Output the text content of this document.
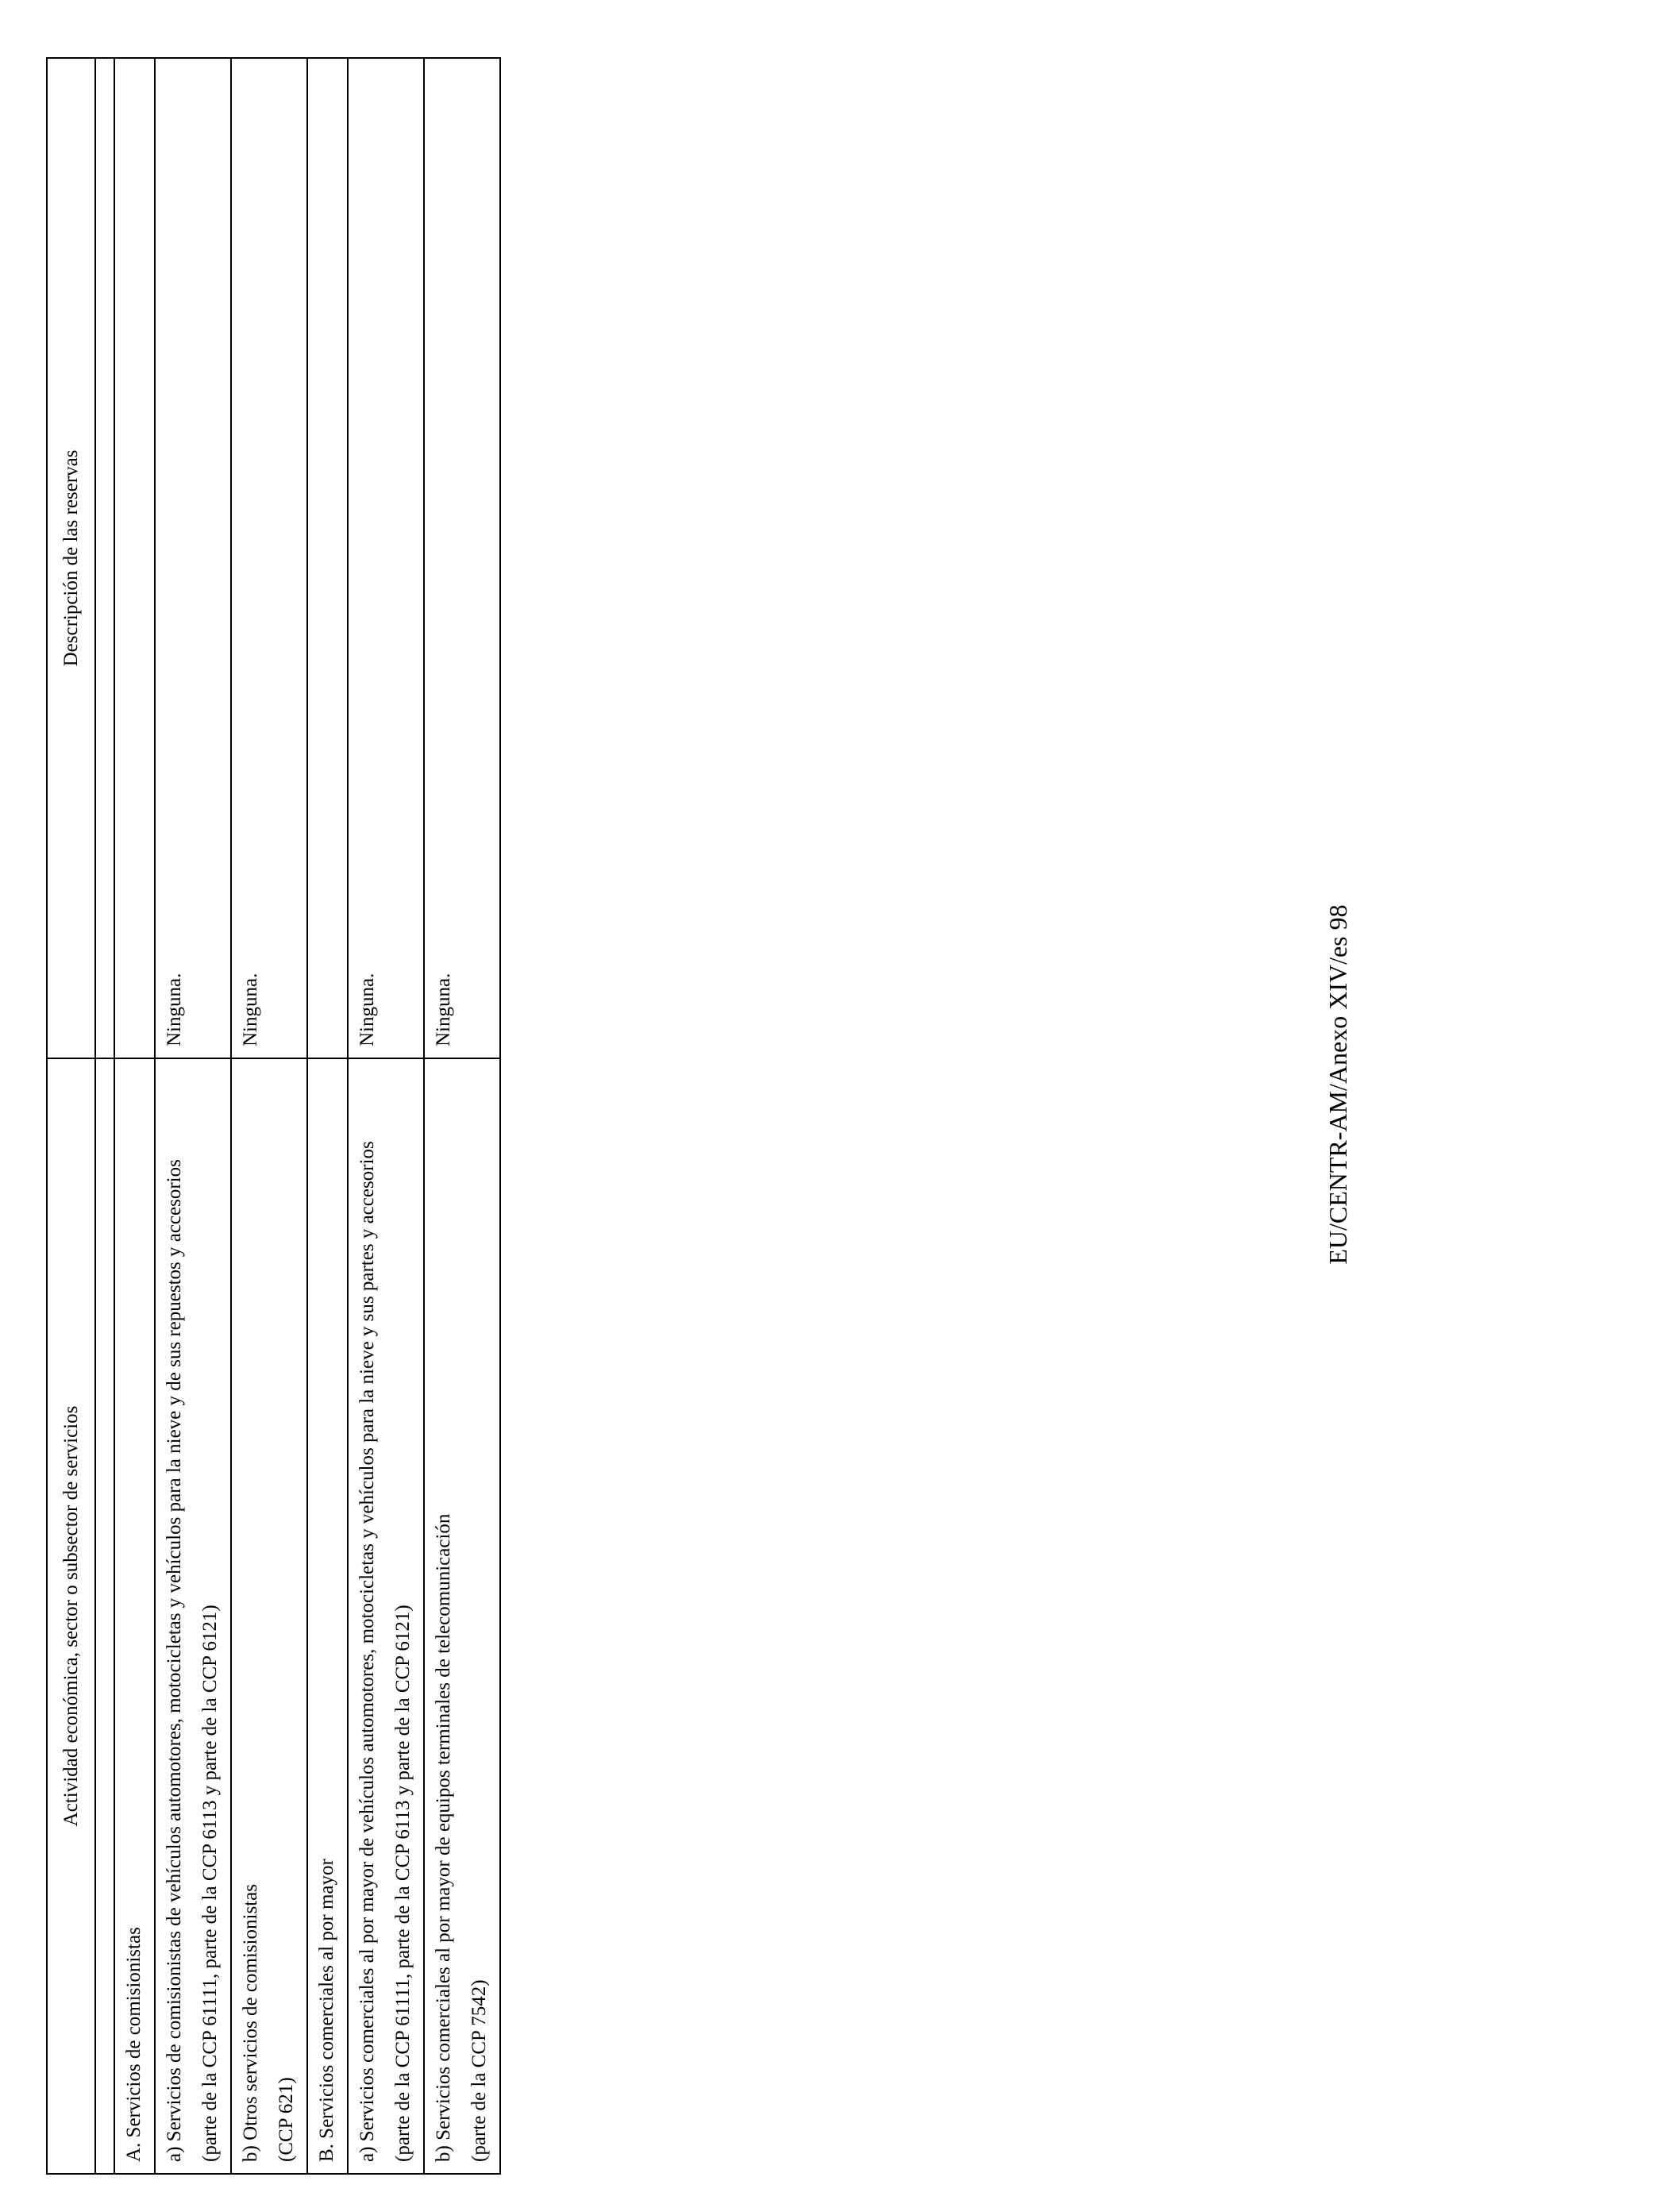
Actividad económica, sector o subsector de servicios	Descripción de las reservas

A. Servicios de comisionistas	

a) Servicios de comisionistas de vehículos automotores, motocicletas y vehículos para la nieve y de sus repuestos y accesorios (parte de la CCP 61111, parte de la CCP 6113 y parte de la CCP 6121)	Ninguna.

b) Otros servicios de comisionistas (CCP 621)	Ninguna.

B. Servicios comerciales al por mayor	

a) Servicios comerciales al por mayor de vehículos automotores, motocicletas y vehículos para la nieve y sus partes y accesorios (parte de la CCP 61111, parte de la CCP 6113 y parte de la CCP 6121)	Ninguna.

b) Servicios comerciales al por mayor de equipos terminales de telecomunicación (parte de la CCP 7542)	Ninguna.	EU/CENTR-AM/Anexo XIV/es 98
